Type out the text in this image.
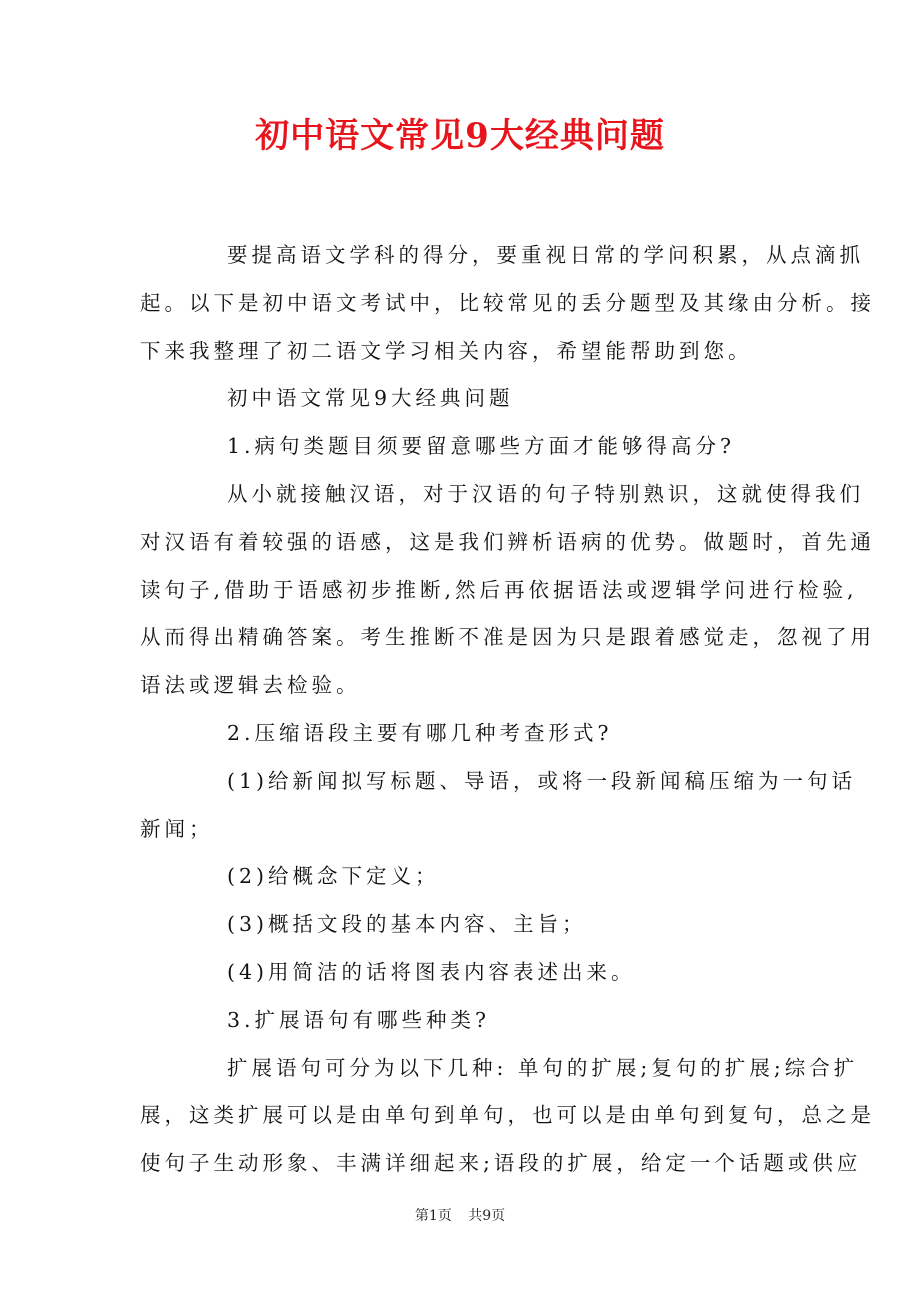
初中语文常见9大经典问题
要提高语文学科的得分，要重视日常的学问积累，从点滴抓
起。以下是初中语文考试中，比较常见的丢分题型及其缘由分析。接
下来我整理了初二语文学习相关内容，希望能帮助到您。
初中语文常见9大经典问题
1.病句类题目须要留意哪些方面才能够得高分?
从小就接触汉语，对于汉语的句子特别熟识，这就使得我们
对汉语有着较强的语感，这是我们辨析语病的优势。做题时，首先通
读句子,借助于语感初步推断,然后再依据语法或逻辑学问进行检验,
从而得出精确答案。考生推断不准是因为只是跟着感觉走，忽视了用
语法或逻辑去检验。
2.压缩语段主要有哪几种考查形式?
(1)给新闻拟写标题、导语，或将一段新闻稿压缩为一句话
新闻；
(2)给概念下定义；
(3)概括文段的基本内容、主旨；
(4)用简洁的话将图表内容表述出来。
3.扩展语句有哪些种类?
扩展语句可分为以下几种: 单句的扩展;复句的扩展;综合扩
展，这类扩展可以是由单句到单句，也可以是由单句到复句，总之是
使句子生动形象、丰满详细起来;语段的扩展，给定一个话题或供应
第1页 共9页
